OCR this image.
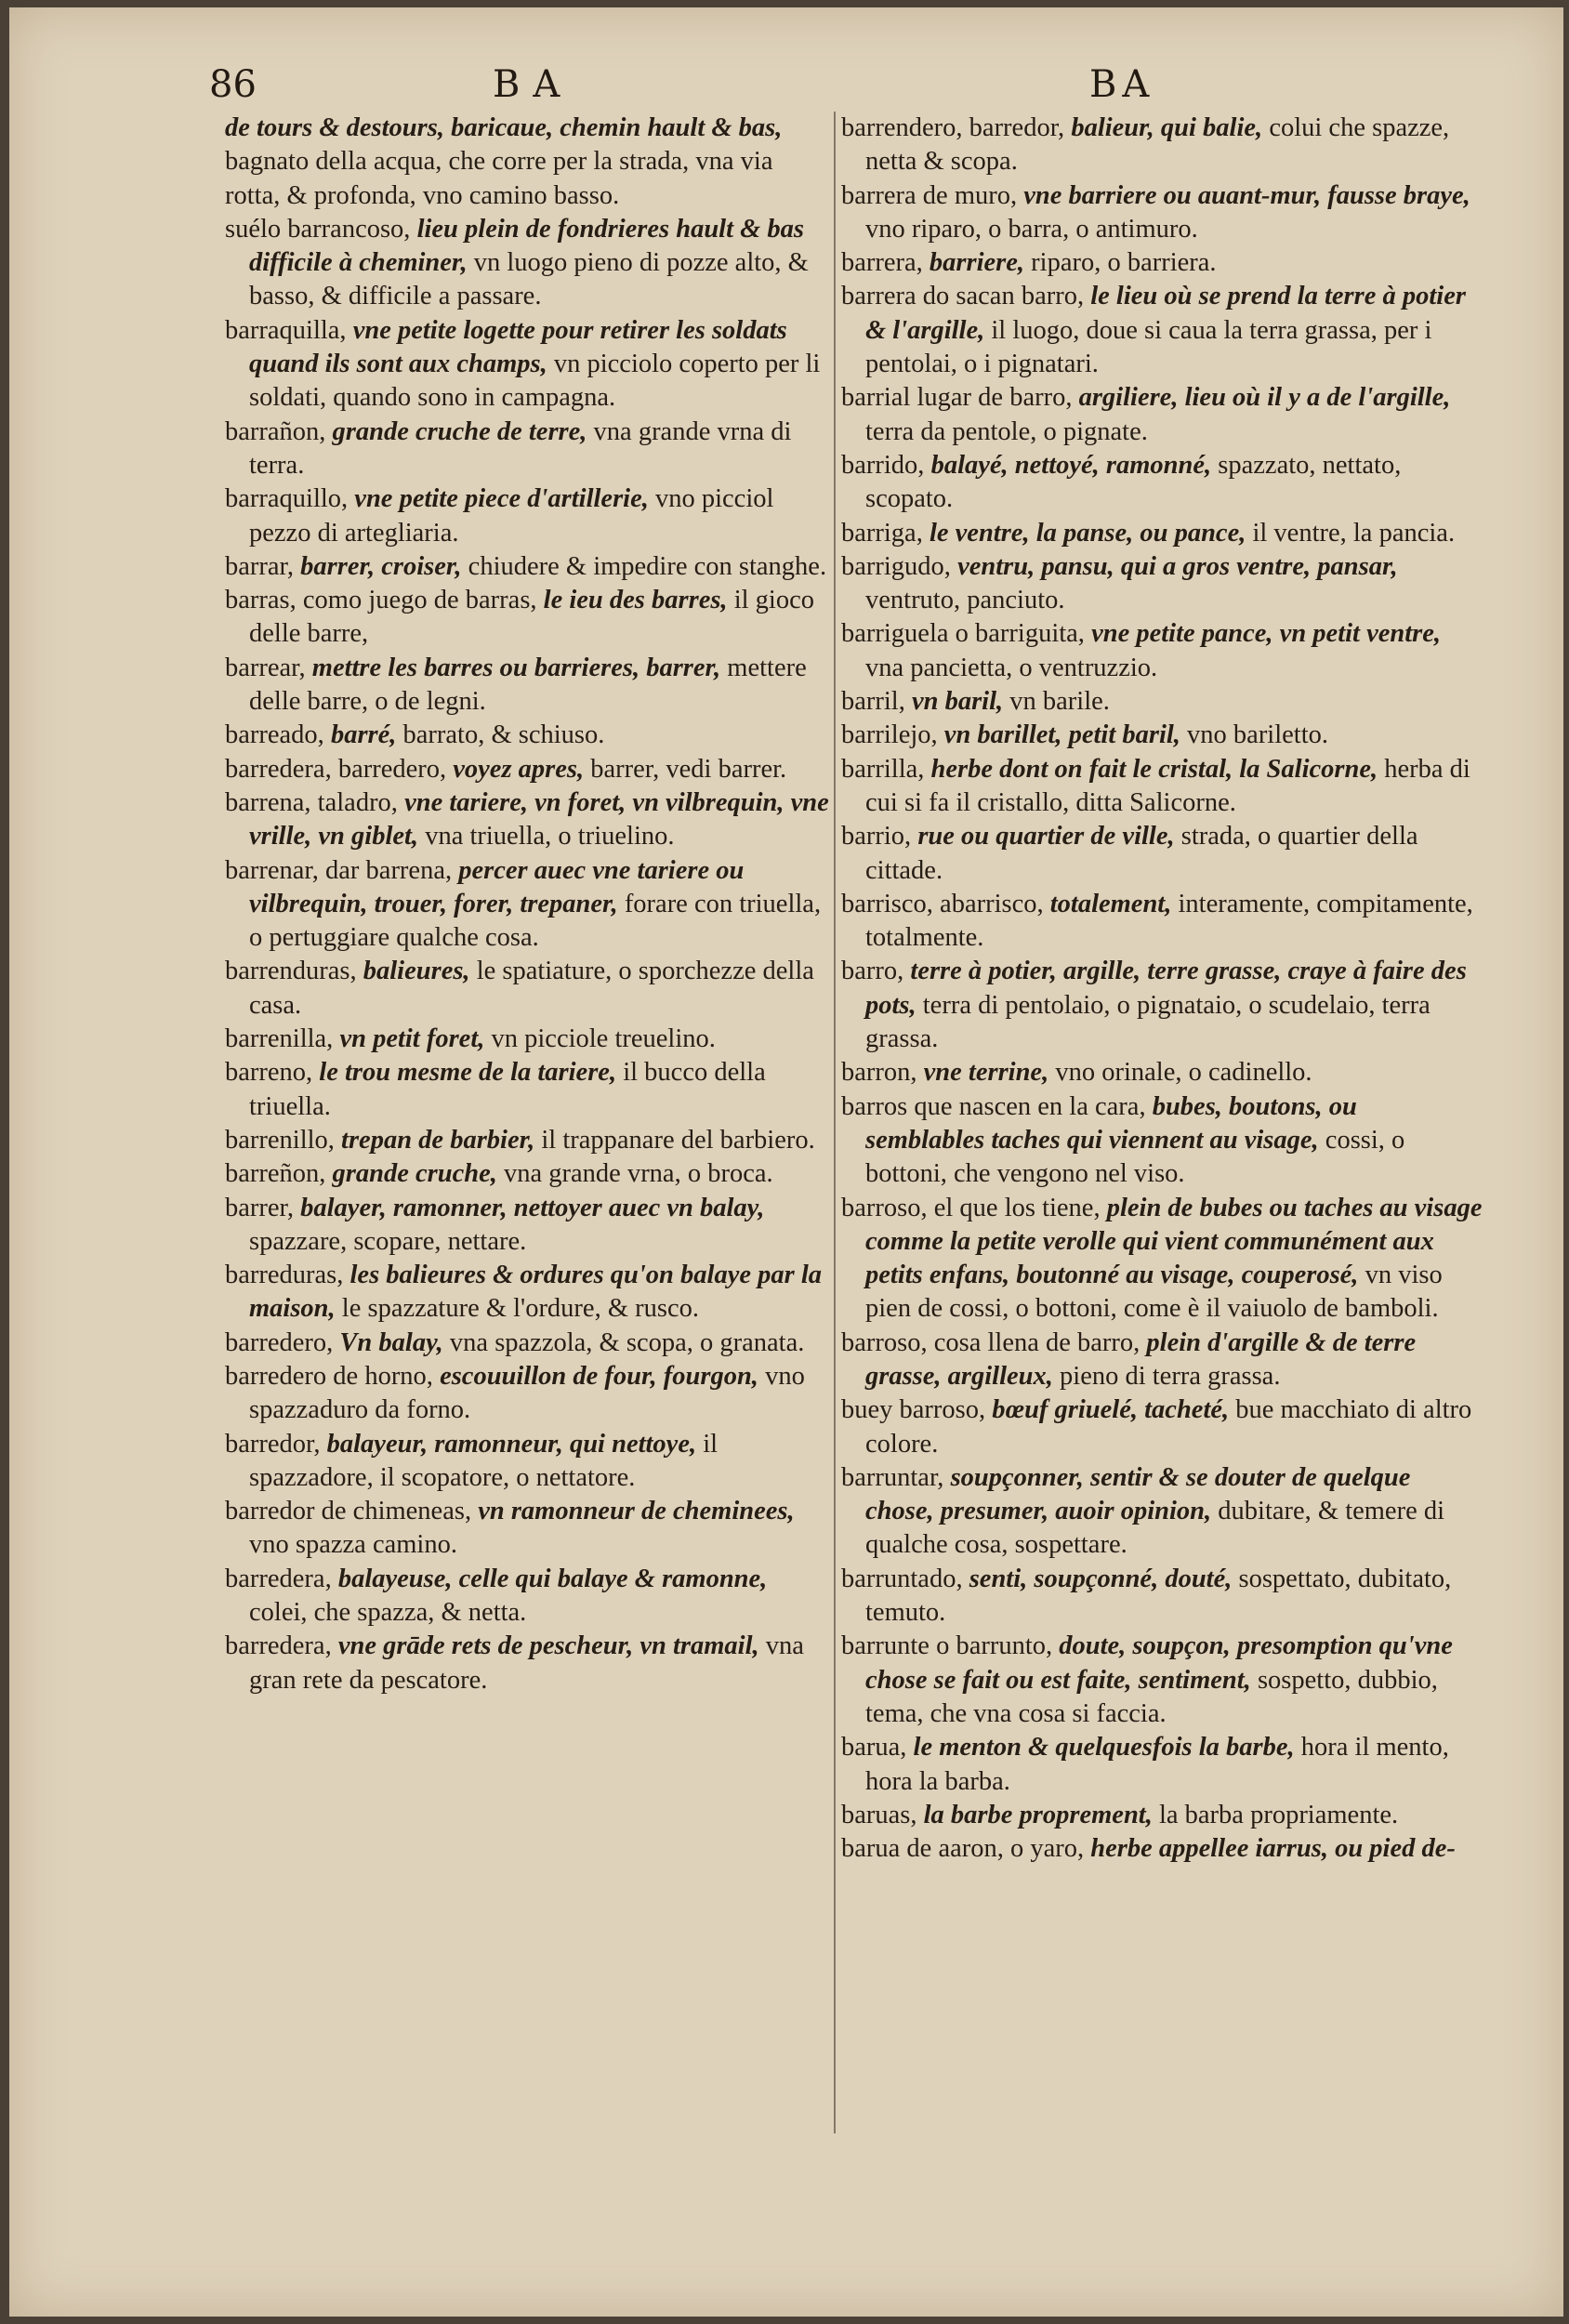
86	BA	BA

de tours & destours, baricaue, chemin hault & bas, bagnato della acqua, che corre per la strada, vna via rotta, & profonda, vno camino basso.

suélo barrancoso, lieu plein de fondrieres hault & bas difficile à cheminer, vn luogo pieno di pozze alto, & basso, & difficile a passare.

barraquilla, vne petite logette pour retirer les soldats quand ils sont aux champs, vn picciolo coperto per li soldati, quando sono in campagna.

barrañon, grande cruche de terre, vna grande vrna di terra.

barraquillo, vne petite piece d'artillerie, vno picciol pezzo di artegliaria.

barrar, barrer, croiser, chiudere & impedire con stanghe.

barras, como juego de barras, le ieu des barres, il gioco delle barre,

barrear, mettre les barres ou barrieres, barrer, mettere delle barre, o de legni.

barreado, barré, barrato, & schiuso.

barredera, barredero, voyez apres, barrer, vedi barrer.

barrena, taladro, vne tariere, vn foret, vn vilbrequin, vne vrille, vn giblet, vna triuella, o triuelino.

barrenar, dar barrena, percer auec vne tariere ou vilbrequin, trouer, forer, trepaner, forare con triuella, o pertuggiare qualche cosa.

barrenduras, balieures, le spatiature, o sporchezze della casa.

barrenilla, vn petit foret, vn picciole treuelino.

barreno, le trou mesme de la tariere, il bucco della triuella.

barrenillo, trepan de barbier, il trappanare del barbiero.

barreñon, grande cruche, vna grande vrna, o broca.

barrer, balayer, ramonner, nettoyer auec vn balay, spazzare, scopare, nettare.

barreduras, les balieures & ordures qu'on balaye par la maison, le spazzature & l'ordure, & rusco.

barredero, Vn balay, vna spazzola, & scopa, o granata.

barredero de horno, escouuillon de four, fourgon, vno spazzaduro da forno.

barredor, balayeur, ramonneur, qui nettoye, il spazzadore, il scopatore, o nettatore.

barredor de chimeneas, vn ramonneur de cheminees, vno spazza camino.

barredera, balayeuse, celle qui balaye & ramonne, colei, che spazza, & netta.

barredera, vne grāde rets de pescheur, vn tramail, vna gran rete da pescatore.

barrendero, barredor, balieur, qui balie, colui che spazze, netta & scopa.

barrera de muro, vne barriere ou auant-mur, fausse braye, vno riparo, o barra, o antimuro.

barrera, barriere, riparo, o barriera.

barrera do sacan barro, le lieu où se prend la terre à potier & l'argille, il luogo, doue si caua la terra grassa, per i pentolai, o i pignatari.

barrial lugar de barro, argiliere, lieu où il y a de l'argille, terra da pentole, o pignate.

barrido, balayé, nettoyé, ramonné, spazzato, nettato, scopato.

barriga, le ventre, la panse, ou pance, il ventre, la pancia.

barrigudo, ventru, pansu, qui a gros ventre, pansar, ventruto, panciuto.

barriguela o barriguita, vne petite pance, vn petit ventre, vna pancietta, o ventruzzio.

barril, vn baril, vn barile.

barrilejo, vn barillet, petit baril, vno bariletto.

barrilla, herbe dont on fait le cristal, la Salicorne, herba di cui si fa il cristallo, ditta Salicorne.

barrio, rue ou quartier de ville, strada, o quartier della cittade.

barrisco, abarrisco, totalement, interamente, compitamente, totalmente.

barro, terre à potier, argille, terre grasse, craye à faire des pots, terra di pentolaio, o pignataio, o scudelaio, terra grassa.

barron, vne terrine, vno orinale, o cadinello.

barros que nascen en la cara, bubes, boutons, ou semblables taches qui viennent au visage, cossi, o bottoni, che vengono nel viso.

barroso, el que los tiene, plein de bubes ou taches au visage comme la petite verolle qui vient communément aux petits enfans, boutonné au visage, couperosé, vn viso pien de cossi, o bottoni, come è il vaiuolo de bamboli.

barroso, cosa llena de barro, plein d'argille & de terre grasse, argilleux, pieno di terra grassa.

buey barroso, bœuf griuelé, tacheté, bue macchiato di altro colore.

barruntar, soupçonner, sentir & se douter de quelque chose, presumer, auoir opinion, dubitare, & temere di qualche cosa, sospettare.

barruntado, senti, soupçonné, douté, sospettato, dubitato, temuto.

barrunte o barrunto, doute, soupçon, presomption qu'vne chose se fait ou est faite, sentiment, sospetto, dubbio, tema, che vna cosa si faccia.

barua, le menton & quelquesfois la barbe, hora il mento, hora la barba.

baruas, la barbe proprement, la barba propriamente.

barua de aaron, o yaro, herbe appellee iarrus, ou pied de-
